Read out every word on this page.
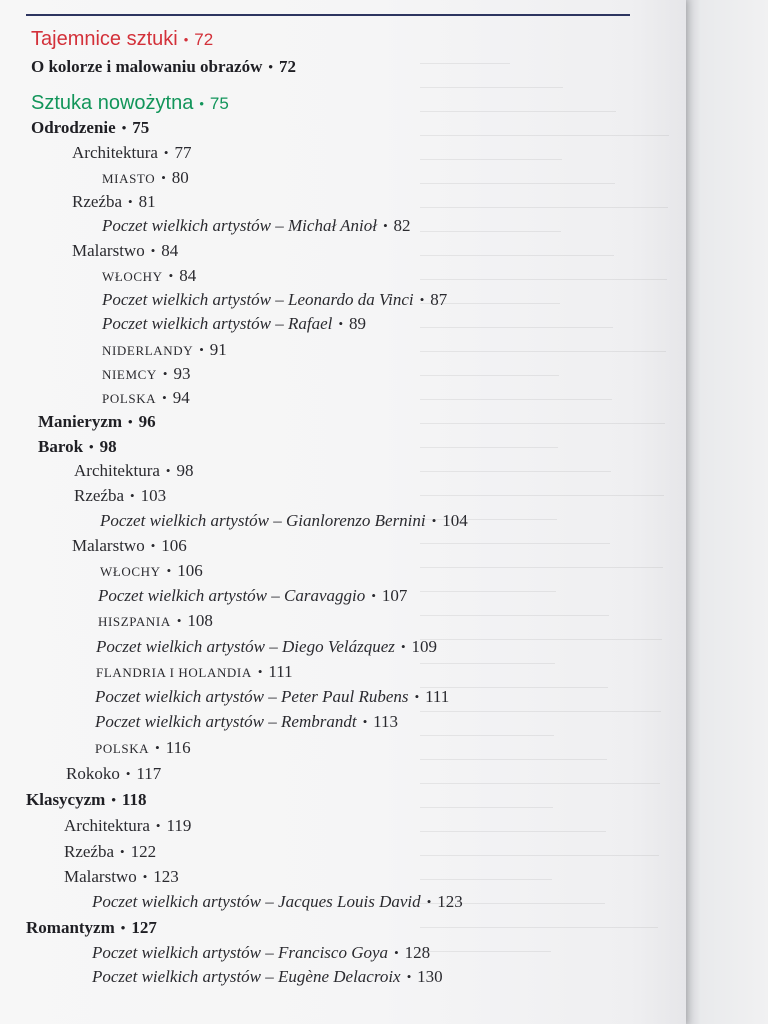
Tajemnice sztuki • 72
O kolorze i malowaniu obrazów • 72
Sztuka nowożytna • 75
Odrodzenie • 75
Architektura • 77
MIASTO • 80
Rzeźba • 81
Poczet wielkich artystów – Michał Anioł • 82
Malarstwo • 84
WŁOCHY • 84
Poczet wielkich artystów – Leonardo da Vinci • 87
Poczet wielkich artystów – Rafael • 89
NIDERLANDY • 91
NIEMCY • 93
POLSKA • 94
Manieryzm • 96
Barok • 98
Architektura • 98
Rzeźba • 103
Poczet wielkich artystów – Gianlorenzo Bernini • 104
Malarstwo • 106
WŁOCHY • 106
Poczet wielkich artystów – Caravaggio • 107
HISZPANIA • 108
Poczet wielkich artystów – Diego Velázquez • 109
FLANDRIA I HOLANDIA • 111
Poczet wielkich artystów – Peter Paul Rubens • 111
Poczet wielkich artystów – Rembrandt • 113
POLSKA • 116
Rokoko • 117
Klasycyzm • 118
Architektura • 119
Rzeźba • 122
Malarstwo • 123
Poczet wielkich artystów – Jacques Louis David • 123
Romantyzm • 127
Poczet wielkich artystów – Francisco Goya • 128
Poczet wielkich artystów – Eugène Delacroix • 130
